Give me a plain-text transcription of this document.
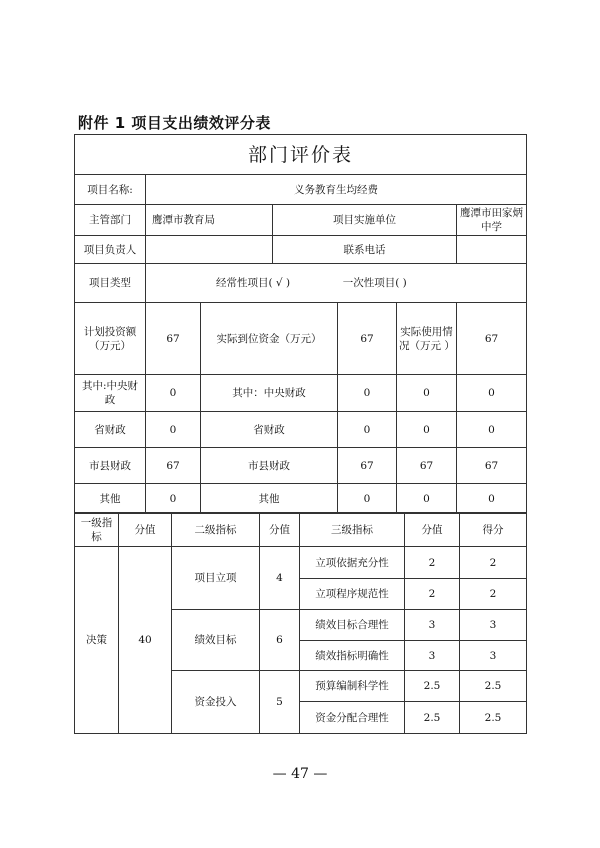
附件 1 项目支出绩效评分表
部门评价表						
项目名称:	义务教育生均经费					
主管部门	鹰潭市教育局		项目实施单位			鹰潭市田家炳中学
项目负责人			联系电话			
项目类型	经常性项目( √ ) 一次性项目( )					
计划投资额（万元）	67	实际到位资金（万元）		67	实际使用情况（万元 ）	67
其中:中央财政	0	其中：中央财政		0	0	0
省财政	0	省财政		0	0	0
市县财政	67	市县财政		67	67	67
其他	0	其他		0	0	0
一级指标	分值	二级指标	分值	三级指标	分值	得分
决策	40	项目立项	4	立项依据充分性	2	2
				立项程序规范性	2	2
		绩效目标	6	绩效目标合理性	3	3
				绩效指标明确性	3	3
		资金投入	5	预算编制科学性	2.5	2.5
				资金分配合理性	2.5	2.5
— 47 —
